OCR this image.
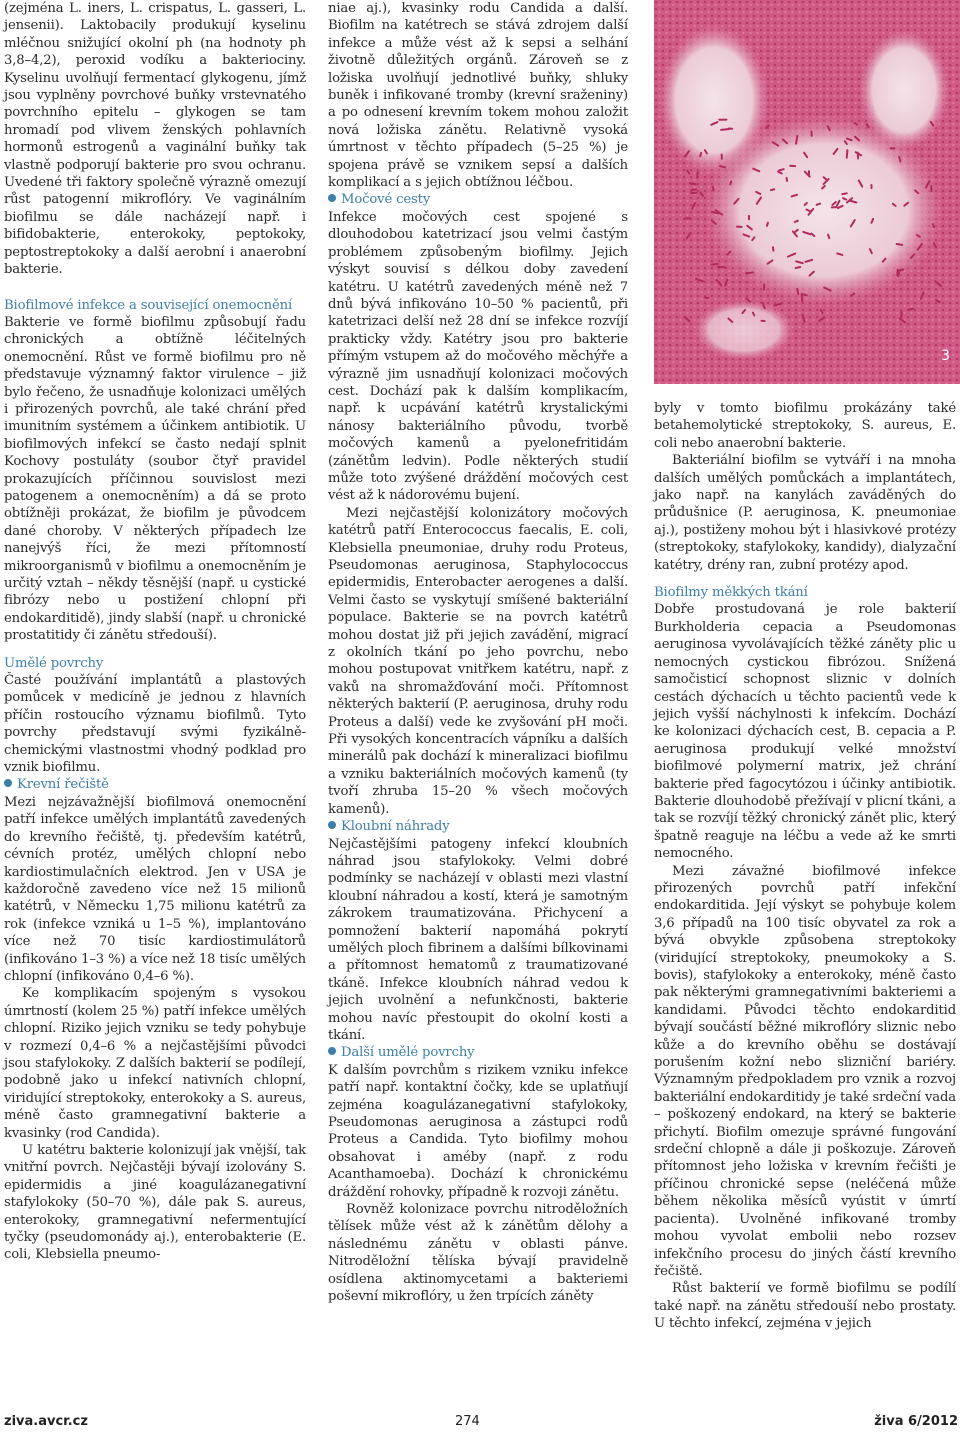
(zejména L. iners, L. crispatus, L. gasseri, L. jensenii). Laktobacily produkují kyselinu mléčnou snižující okolní ph (na hodnoty ph 3,8–4,2), peroxid vodíku a bakteriociny. Kyselinu uvolňují fermentací glykogenu, jímž jsou vyplněny povrchové buňky vrstevnatého povrchního epitelu – glykogen se tam hromadí pod vlivem ženských pohlavních hormonů estrogenů a vaginální buňky tak vlastně podporují bakterie pro svou ochranu. Uvedené tři faktory společně výrazně omezují růst patogenní mikroflóry. Ve vaginálním biofilmu se dále nacházejí např. i bifidobakterie, enterokoky, peptokoky, peptostreptokoky a další aerobní i anaerobní bakterie.

Biofilmové infekce a související onemocnění

Bakterie ve formě biofilmu způsobují řadu chronických a obtížně léčitelných onemocnění. Růst ve formě biofilmu pro ně představuje významný faktor virulence – již bylo řečeno, že usnadňuje kolonizaci umělých i přirozených povrchů, ale také chrání před imunitním systémem a účinkem antibiotik. U biofilmových infekcí se často nedají splnit Kochovy postuláty (soubor čtyř pravidel prokazujících příčinnou souvislost mezi patogenem a onemocněním) a dá se proto obtížněji prokázat, že biofilm je původcem dané choroby. V některých případech lze nanejvýš říci, že mezi přítomností mikroorganismů v biofilmu a onemocněním je určitý vztah – někdy těsnější (např. u cystické fibrózy nebo u postižení chlopní při endokarditidě), jindy slabší (např. u chronické prostatitidy či zánětu středouší).

Umělé povrchy

Časté používání implantátů a plastových pomůcek v medicíně je jednou z hlavních příčin rostoucího významu biofilmů. Tyto povrchy představují svými fyzikálně-chemickými vlastnostmi vhodný podklad pro vznik biofilmu.

Krevní řečiště

Mezi nejzávažnější biofilmová onemocnění patří infekce umělých implantátů zavedených do krevního řečiště, tj. především katétrů, cévních protéz, umělých chlopní nebo kardiostimulačních elektrod. Jen v USA je každoročně zavedeno více než 15 milionů katétrů, v Německu 1,75 milionu katétrů za rok (infekce vzniká u 1–5 %), implantováno více než 70 tisíc kardiostimulátorů (infikováno 1–3 %) a více než 18 tisíc umělých chlopní (infikováno 0,4–6 %).

Ke komplikacím spojeným s vysokou úmrtností (kolem 25 %) patří infekce umělých chlopní. Riziko jejich vzniku se tedy pohybuje v rozmezí 0,4–6 % a nejčastějšími původci jsou stafylokoky. Z dalších bakterií se podílejí, podobně jako u infekcí nativních chlopní, viridující streptokoky, enterokoky a S. aureus, méně často gramnegativní bakterie a kvasinky (rod Candida).

U katétru bakterie kolonizují jak vnější, tak vnitřní povrch. Nejčastěji bývají izolovány S. epidermidis a jiné koagulázanegativní stafylokoky (50–70 %), dále pak S. aureus, enterokoky, gramnegativní nefermentující tyčky (pseudomonády aj.), enterobakterie (E. coli, Klebsiella pneumo-

niae aj.), kvasinky rodu Candida a další. Biofilm na katétrech se stává zdrojem další infekce a může vést až k sepsi a selhání životně důležitých orgánů. Zároveň se z ložiska uvolňují jednotlivé buňky, shluky buněk i infikované tromby (krevní sraženiny) a po odnesení krevním tokem mohou založit nová ložiska zánětu. Relativně vysoká úmrtnost v těchto případech (5–25 %) je spojena právě se vznikem sepsí a dalších komplikací a s jejich obtížnou léčbou.

Močové cesty

Infekce močových cest spojené s dlouhodobou katetrizací jsou velmi častým problémem způsobeným biofilmy. Jejich výskyt souvisí s délkou doby zavedení katétru. U katétrů zavedených méně než 7 dnů bývá infikováno 10–50 % pacientů, při katetrizaci delší než 28 dní se infekce rozvíjí prakticky vždy. Katétry jsou pro bakterie přímým vstupem až do močového měchýře a výrazně jim usnadňují kolonizaci močových cest. Dochází pak k dalším komplikacím, např. k ucpávání katétrů krystalickými nánosy bakteriálního původu, tvorbě močových kamenů a pyelonefritidám (zánětům ledvin). Podle některých studií může toto zvýšené dráždění močových cest vést až k nádorovému bujení.

Mezi nejčastější kolonizátory močových katétrů patří Enterococcus faecalis, E. coli, Klebsiella pneumoniae, druhy rodu Proteus, Pseudomonas aeruginosa, Staphylococcus epidermidis, Enterobacter aerogenes a další. Velmi často se vyskytují smíšené bakteriální populace. Bakterie se na povrch katétrů mohou dostat již při jejich zavádění, migrací z okolních tkání po jeho povrchu, nebo mohou postupovat vnitřkem katétru, např. z vaků na shromažďování moči. Přítomnost některých bakterií (P. aeruginosa, druhy rodu Proteus a další) vede ke zvyšování pH moči. Při vysokých koncentracích vápníku a dalších minerálů pak dochází k mineralizaci biofilmu a vzniku bakteriálních močových kamenů (ty tvoří zhruba 15–20 % všech močových kamenů).

Kloubní náhrady

Nejčastějšími patogeny infekcí kloubních náhrad jsou stafylokoky. Velmi dobré podmínky se nacházejí v oblasti mezi vlastní kloubní náhradou a kostí, která je samotným zákrokem traumatizována. Přichycení a pomnožení bakterií napomáhá pokrytí umělých ploch fibrinem a dalšími bílkovinami a přítomnost hematomů z traumatizované tkáně. Infekce kloubních náhrad vedou k jejich uvolnění a nefunkčnosti, bakterie mohou navíc přestoupit do okolní kosti a tkání.

Další umělé povrchy

K dalším povrchům s rizikem vzniku infekce patří např. kontaktní čočky, kde se uplatňují zejména koagulázanegativní stafylokoky, Pseudomonas aeruginosa a zástupci rodů Proteus a Candida. Tyto biofilmy mohou obsahovat i améby (např. z rodu Acanthamoeba). Dochází k chronickému dráždění rohovky, případně k rozvoji zánětu.

Rovněž kolonizace povrchu nitroděložních tělísek může vést až k zánětům dělohy a následnému zánětu v oblasti pánve. Nitroděložní tělíska bývají pravidelně osídlena aktinomycetami a bakteriemi poševní mikroflóry, u žen trpících záněty

3

byly v tomto biofilmu prokázány také betahemolytické streptokoky, S. aureus, E. coli nebo anaerobní bakterie.

Bakteriální biofilm se vytváří i na mnoha dalších umělých pomůckách a implantátech, jako např. na kanylách zaváděných do průdušnice (P. aeruginosa, K. pneumoniae aj.), postiženy mohou být i hlasivkové protézy (streptokoky, stafylokoky, kandidy), dialyzační katétry, drény ran, zubní protézy apod.

Biofilmy měkkých tkání

Dobře prostudovaná je role bakterií Burkholderia cepacia a Pseudomonas aeruginosa vyvolávajících těžké záněty plic u nemocných cystickou fibrózou. Snížená samočisticí schopnost sliznic v dolních cestách dýchacích u těchto pacientů vede k jejich vyšší náchylnosti k infekcím. Dochází ke kolonizaci dýchacích cest, B. cepacia a P. aeruginosa produkují velké množství biofilmové polymerní matrix, jež chrání bakterie před fagocytózou i účinky antibiotik. Bakterie dlouhodobě přežívají v plicní tkáni, a tak se rozvíjí těžký chronický zánět plic, který špatně reaguje na léčbu a vede až ke smrti nemocného.

Mezi závažné biofilmové infekce přirozených povrchů patří infekční endokarditida. Její výskyt se pohybuje kolem 3,6 případů na 100 tisíc obyvatel za rok a bývá obvykle způsobena streptokoky (viridující streptokoky, pneumokoky a S. bovis), stafylokoky a enterokoky, méně často pak některými gramnegativními bakteriemi a kandidami. Původci těchto endokarditid bývají součástí běžné mikroflóry sliznic nebo kůže a do krevního oběhu se dostávají porušením kožní nebo slizniční bariéry. Významným předpokladem pro vznik a rozvoj bakteriální endokarditidy je také srdeční vada – poškozený endokard, na který se bakterie přichytí. Biofilm omezuje správné fungování srdeční chlopně a dále ji poškozuje. Zároveň přítomnost jeho ložiska v krevním řečišti je příčinou chronické sepse (neléčená může během několika měsíců vyústit v úmrtí pacienta). Uvolněné infikované tromby mohou vyvolat embolii nebo rozsev infekčního procesu do jiných částí krevního řečiště.

Růst bakterií ve formě biofilmu se podílí také např. na zánětu středouší nebo prostaty. U těchto infekcí, zejména v jejich

ziva.avcr.cz	274	živa 6/2012
